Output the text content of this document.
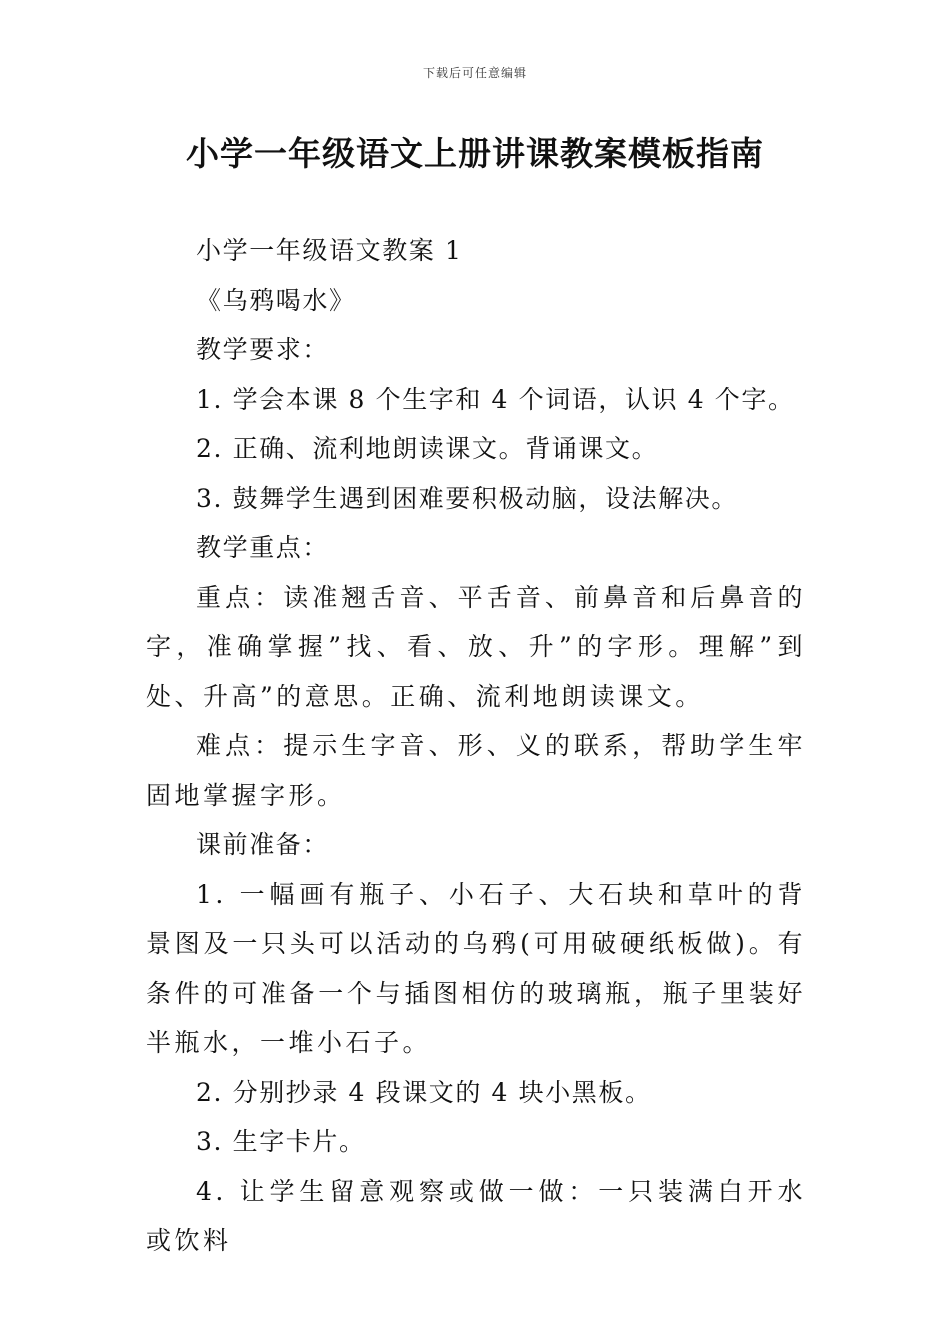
下载后可任意编辑
小学一年级语文上册讲课教案模板指南

小学一年级语文教案 1

《乌鸦喝水》

教学要求：

1. 学会本课 8 个生字和 4 个词语，认识 4 个字。

2. 正确、流利地朗读课文。背诵课文。

3. 鼓舞学生遇到困难要积极动脑，设法解决。

教学重点：

重点：读准翘舌音、平舌音、前鼻音和后鼻音的字，准确掌握”找、看、放、升”的字形。理解”到处、升高”的意思。正确、流利地朗读课文。

难点：提示生字音、形、义的联系，帮助学生牢固地掌握字形。

课前准备：

1. 一幅画有瓶子、小石子、大石块和草叶的背景图及一只头可以活动的乌鸦(可用破硬纸板做)。有条件的可准备一个与插图相仿的玻璃瓶，瓶子里装好半瓶水，一堆小石子。

2. 分别抄录 4 段课文的 4 块小黑板。

3. 生字卡片。

4. 让学生留意观察或做一做：一只装满白开水或饮料
